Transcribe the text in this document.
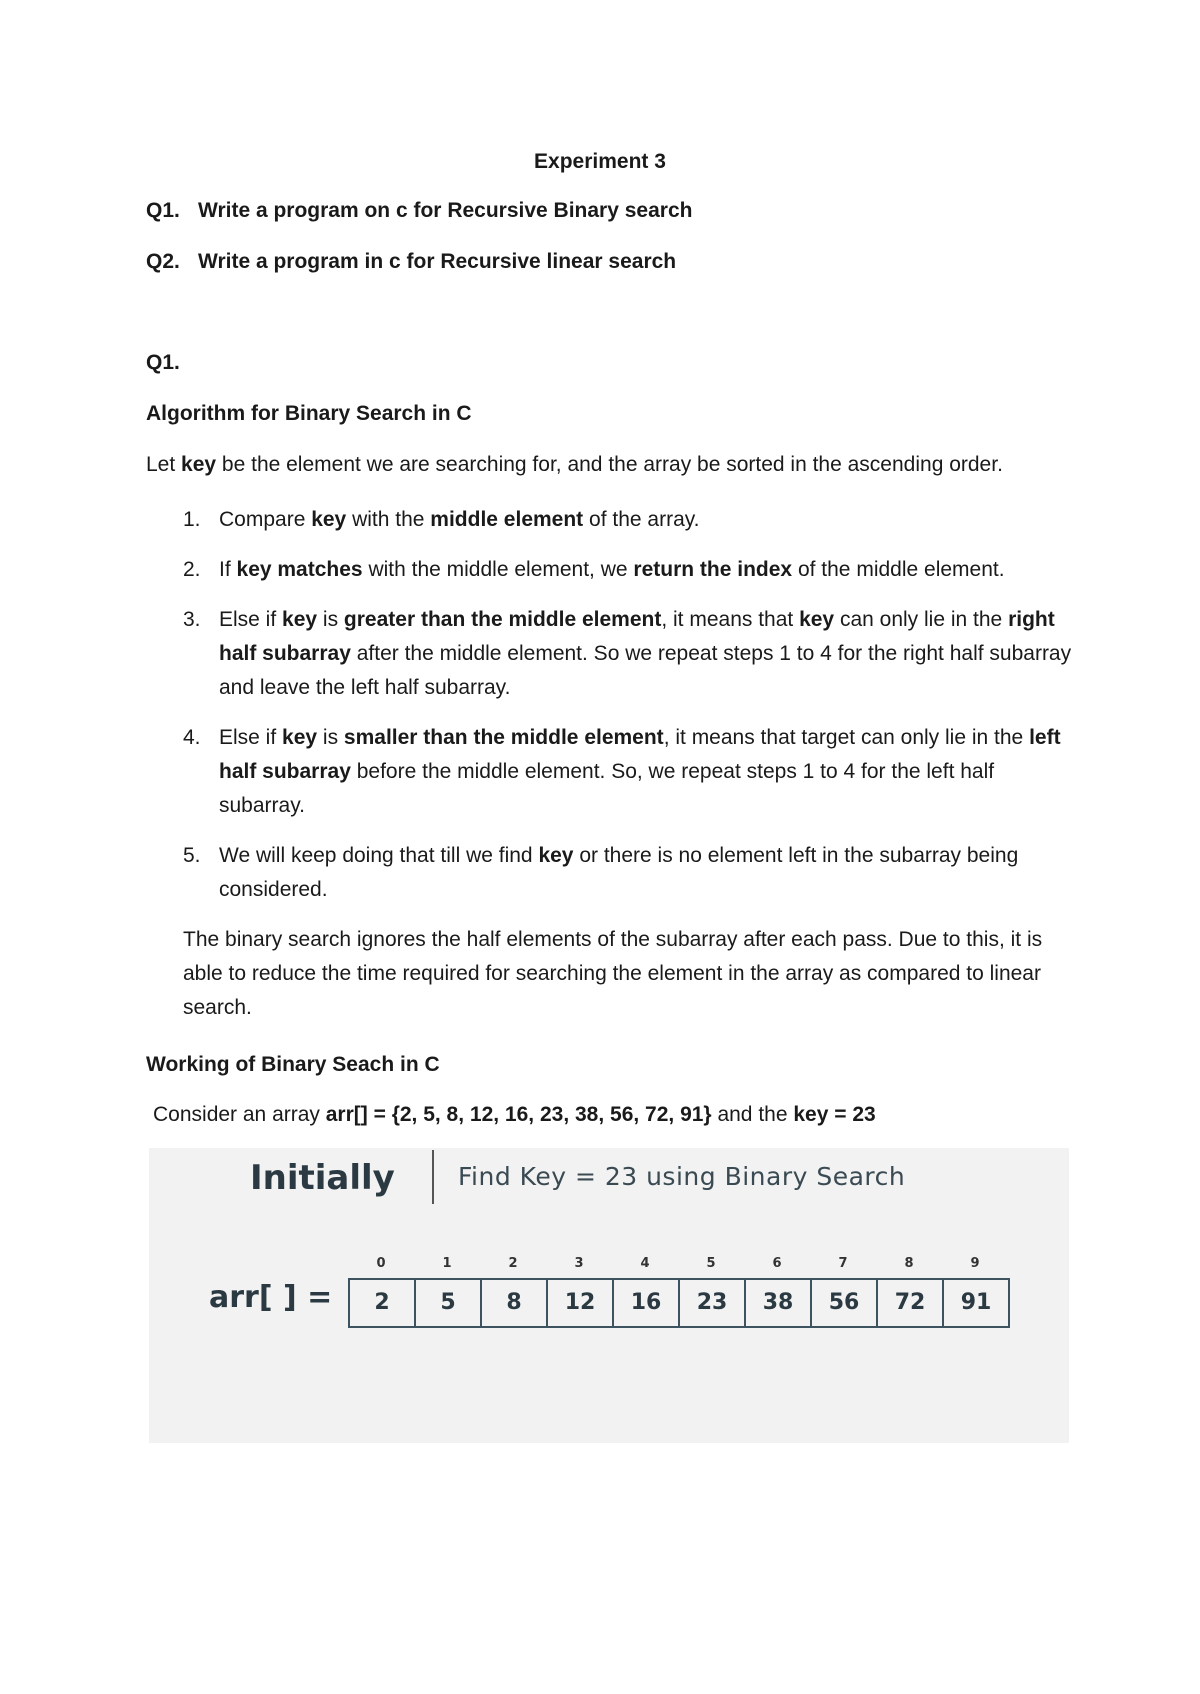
Experiment 3
Q1. Write a program on c for Recursive Binary search
Q2. Write a program in c for Recursive linear search
Q1.
Algorithm for Binary Search in C
Let key be the element we are searching for, and the array be sorted in the ascending order.
1. Compare key with the middle element of the array.
2. If key matches with the middle element, we return the index of the middle element.
3. Else if key is greater than the middle element, it means that key can only lie in the right half subarray after the middle element. So we repeat steps 1 to 4 for the right half subarray and leave the left half subarray.
4. Else if key is smaller than the middle element, it means that target can only lie in the left half subarray before the middle element. So, we repeat steps 1 to 4 for the left half subarray.
5. We will keep doing that till we find key or there is no element left in the subarray being considered.
The binary search ignores the half elements of the subarray after each pass. Due to this, it is able to reduce the time required for searching the element in the array as compared to linear search.
Working of Binary Seach in C
Consider an array arr[] = {2, 5, 8, 12, 16, 23, 38, 56, 72, 91} and the key = 23
Initially	Find Key = 23 using Binary Search
arr[ ] =
0	1	2	3	4	5	6	7	8	9
2	5	8	12	16	23	38	56	72	91
